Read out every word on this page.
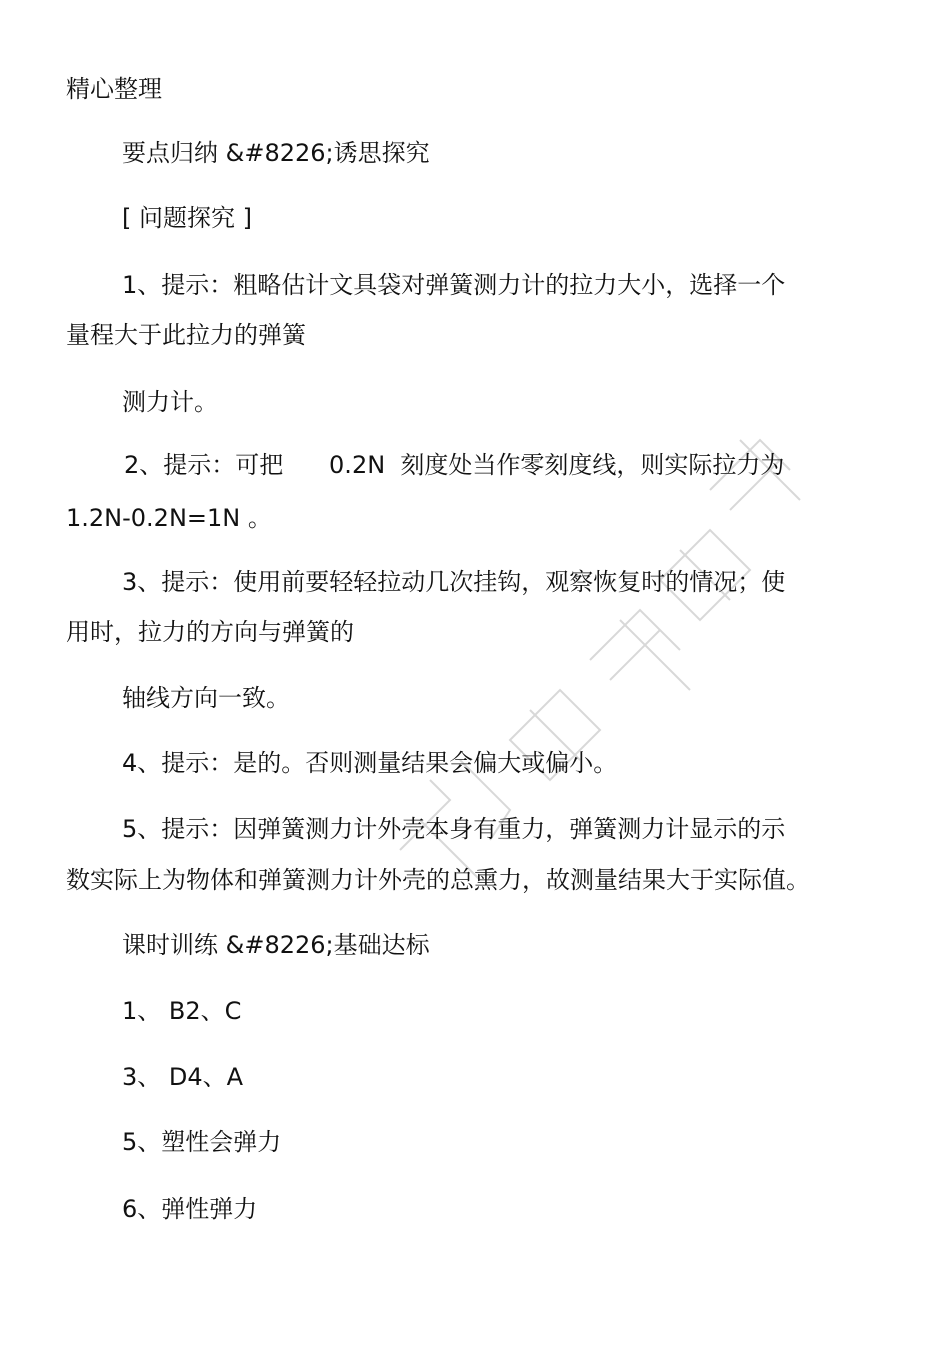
精心整理
要点归纳 &#8226;诱思探究
[ 问题探究 ]
1、提示：粗略估计文具袋对弹簧测力计的拉力大小，选择一个
量程大于此拉力的弹簧
测力计。
2、提示：可把      0.2N  刻度处当作零刻度线，则实际拉力为
1.2N-0.2N=1N 。
3、提示：使用前要轻轻拉动几次挂钩，观察恢复时的情况；使
用时，拉力的方向与弹簧的
轴线方向一致。
4、提示：是的。否则测量结果会偏大或偏小。
5、提示：因弹簧测力计外壳本身有重力，弹簧测力计显示的示
数实际上为物体和弹簧测力计外壳的总熏力，故测量结果大于实际值。
课时训练 &#8226;基础达标
1、 B2、C
3、 D4、A
5、塑性会弹力
6、弹性弹力
